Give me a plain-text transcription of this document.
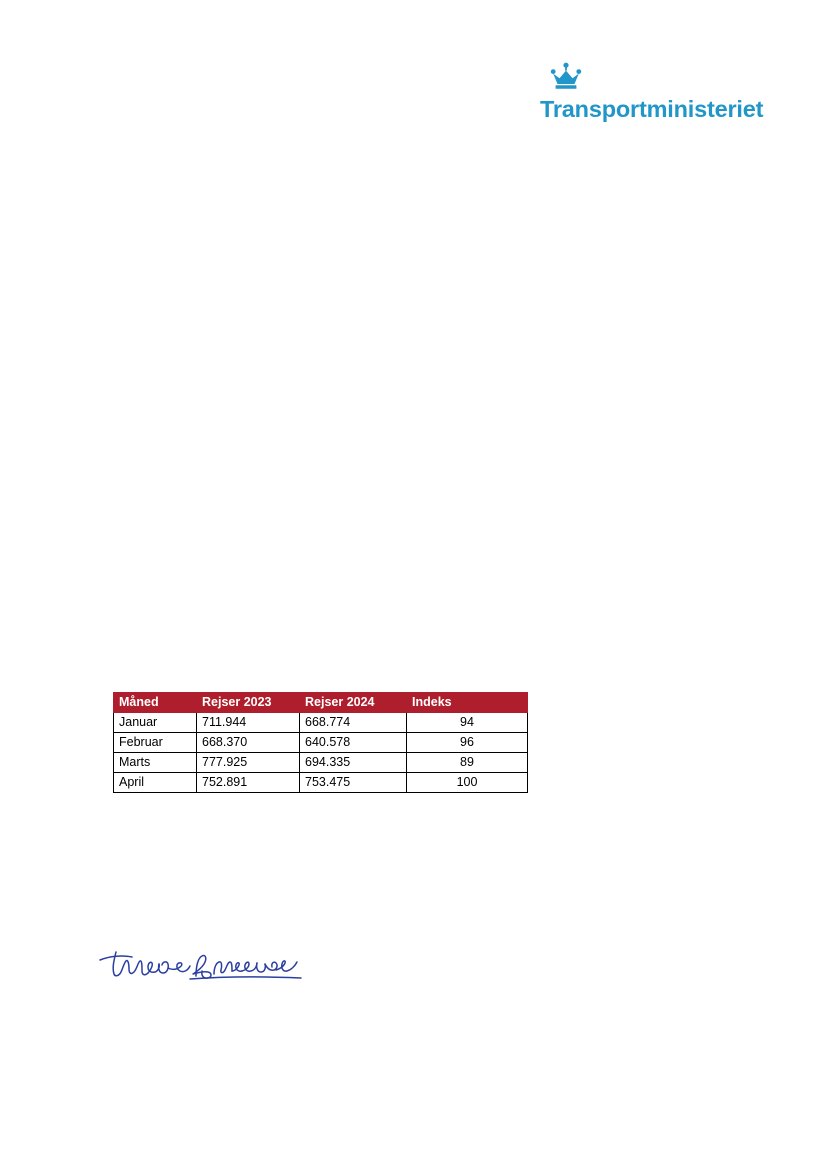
Transportministeriet
Måned	Rejser 2023	Rejser 2024	Indeks
Januar	711.944	668.774	94
Februar	668.370	640.578	96
Marts	777.925	694.335	89
April	752.891	753.475	100
